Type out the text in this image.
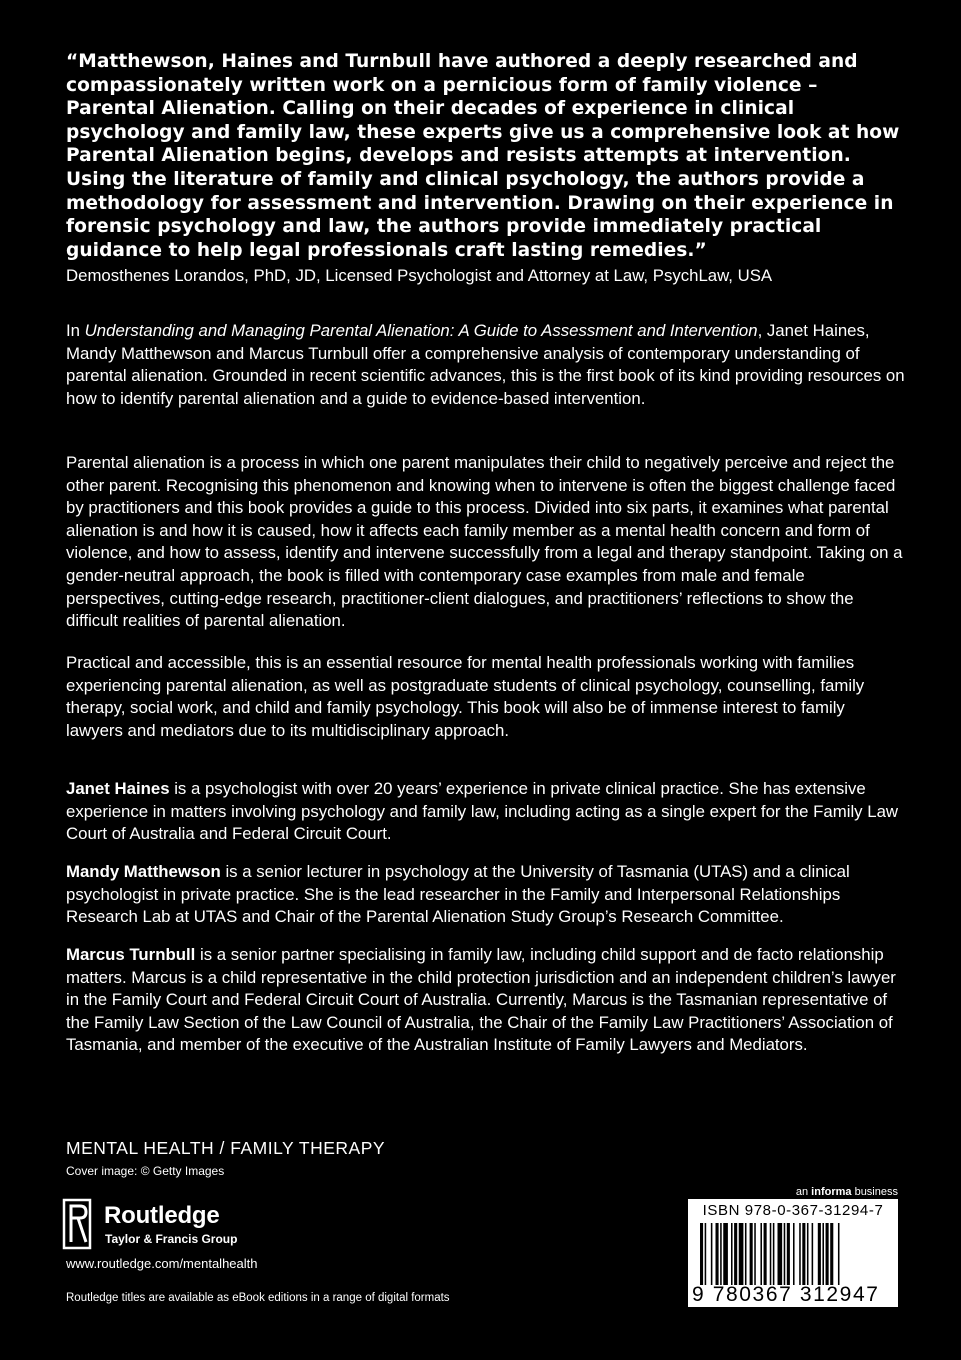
“Matthewson, Haines and Turnbull have authored a deeply researched and compassionately written work on a pernicious form of family violence – Parental Alienation. Calling on their decades of experience in clinical psychology and family law, these experts give us a comprehensive look at how Parental Alienation begins, develops and resists attempts at intervention. Using the literature of family and clinical psychology, the authors provide a methodology for assessment and intervention. Drawing on their experience in forensic psychology and law, the authors provide immediately practical guidance to help legal professionals craft lasting remedies.”

Demosthenes Lorandos, PhD, JD, Licensed Psychologist and Attorney at Law, PsychLaw, USA

In Understanding and Managing Parental Alienation: A Guide to Assessment and Intervention, Janet Haines, Mandy Matthewson and Marcus Turnbull offer a comprehensive analysis of contemporary understanding of parental alienation. Grounded in recent scientific advances, this is the first book of its kind providing resources on how to identify parental alienation and a guide to evidence-based intervention.

Parental alienation is a process in which one parent manipulates their child to negatively perceive and reject the other parent. Recognising this phenomenon and knowing when to intervene is often the biggest challenge faced by practitioners and this book provides a guide to this process. Divided into six parts, it examines what parental alienation is and how it is caused, how it affects each family member as a mental health concern and form of violence, and how to assess, identify and intervene successfully from a legal and therapy standpoint. Taking on a gender-neutral approach, the book is filled with contemporary case examples from male and female perspectives, cutting-edge research, practitioner-client dialogues, and practitioners’ reflections to show the difficult realities of parental alienation.

Practical and accessible, this is an essential resource for mental health professionals working with families experiencing parental alienation, as well as postgraduate students of clinical psychology, counselling, family therapy, social work, and child and family psychology. This book will also be of immense interest to family lawyers and mediators due to its multidisciplinary approach.

Janet Haines is a psychologist with over 20 years’ experience in private clinical practice. She has extensive experience in matters involving psychology and family law, including acting as a single expert for the Family Law Court of Australia and Federal Circuit Court.

Mandy Matthewson is a senior lecturer in psychology at the University of Tasmania (UTAS) and a clinical psychologist in private practice. She is the lead researcher in the Family and Interpersonal Relationships Research Lab at UTAS and Chair of the Parental Alienation Study Group’s Research Committee.

Marcus Turnbull is a senior partner specialising in family law, including child support and de facto relationship matters. Marcus is a child representative in the child protection jurisdiction and an independent children’s lawyer in the Family Court and Federal Circuit Court of Australia. Currently, Marcus is the Tasmanian representative of the Family Law Section of the Law Council of Australia, the Chair of the Family Law Practitioners’ Association of Tasmania, and member of the executive of the Australian Institute of Family Lawyers and Mediators.

MENTAL HEALTH / FAMILY THERAPY

Cover image: © Getty Images

Routledge
Taylor & Francis Group

www.routledge.com/mentalhealth

Routledge titles are available as eBook editions in a range of digital formats

an informa business

ISBN 978-0-367-31294-7
9 780367 312947
